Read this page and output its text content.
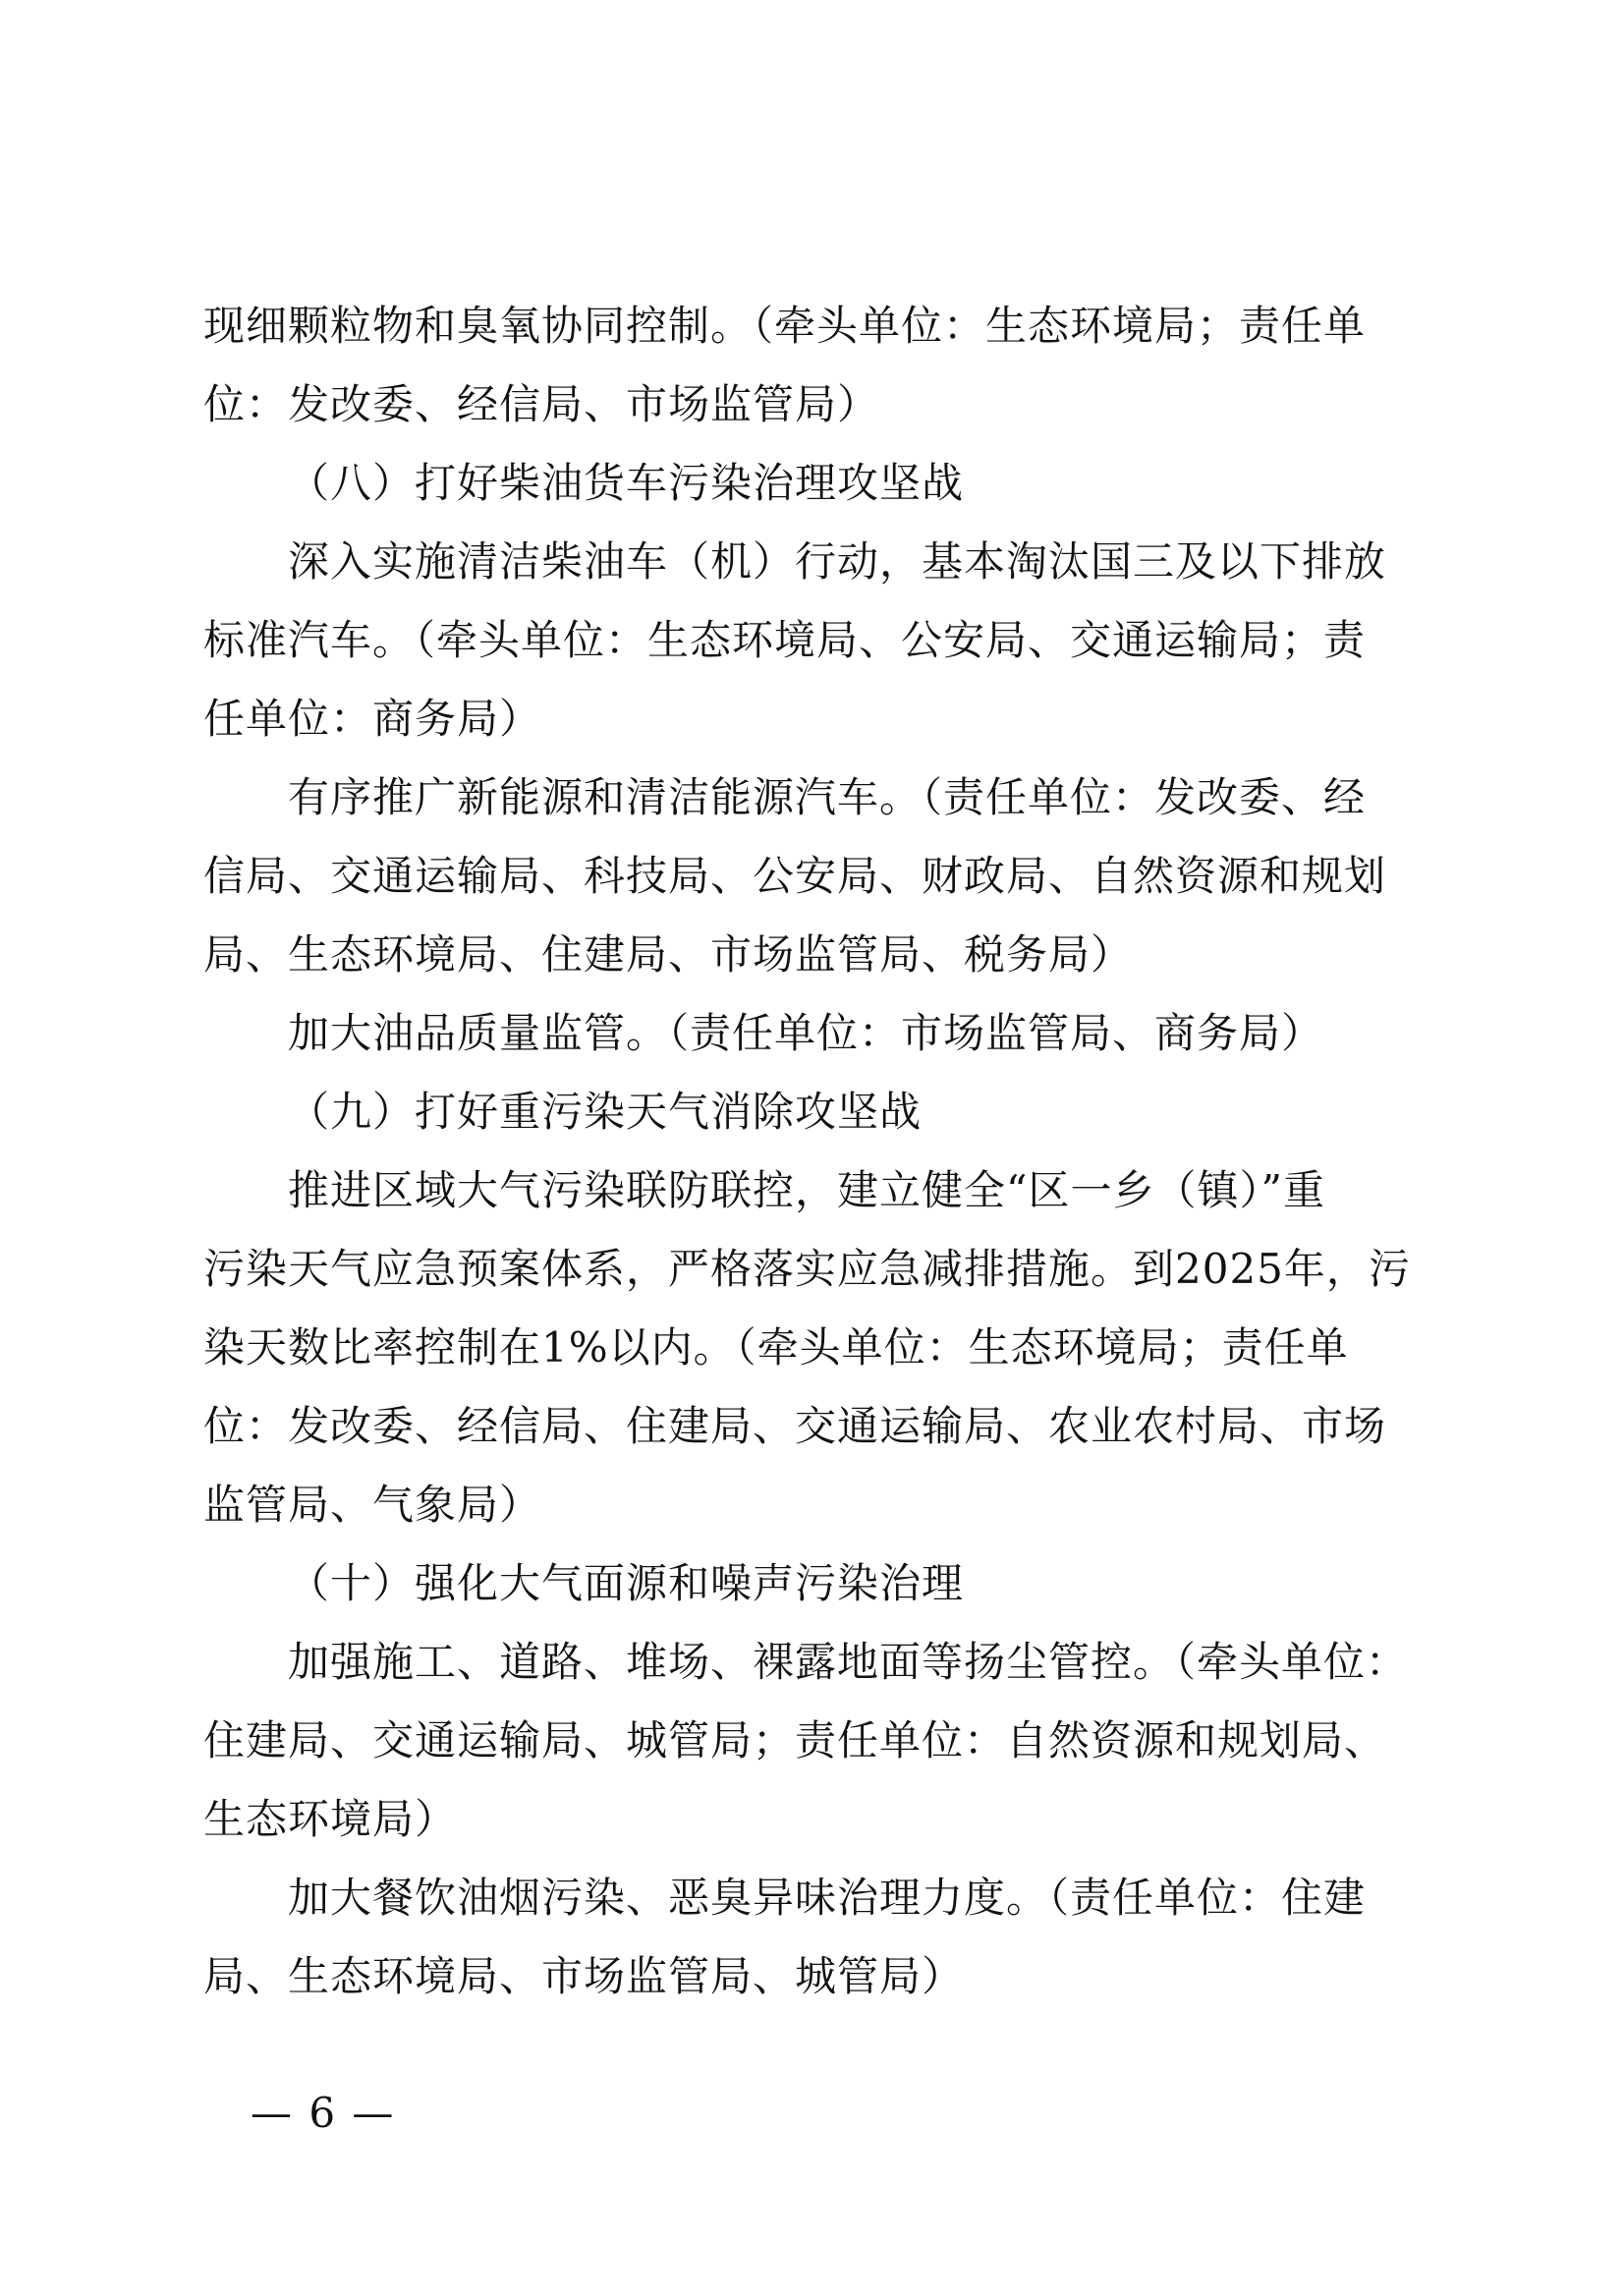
现细颗粒物和臭氧协同控制。（牵头单位：生态环境局；责任单
位：发改委、经信局、市场监管局）
（八）打好柴油货车污染治理攻坚战
深入实施清洁柴油车（机）行动，基本淘汰国三及以下排放
标准汽车。（牵头单位：生态环境局、公安局、交通运输局；责
任单位：商务局）
有序推广新能源和清洁能源汽车。（责任单位：发改委、经
信局、交通运输局、科技局、公安局、财政局、自然资源和规划
局、生态环境局、住建局、市场监管局、税务局）
加大油品质量监管。（责任单位：市场监管局、商务局）
（九）打好重污染天气消除攻坚战
推进区域大气污染联防联控，建立健全“区一乡（镇）”重
污染天气应急预案体系，严格落实应急减排措施。到2025年，污
染天数比率控制在1%以内。（牵头单位：生态环境局；责任单
位：发改委、经信局、住建局、交通运输局、农业农村局、市场
监管局、气象局）
（十）强化大气面源和噪声污染治理
加强施工、道路、堆场、裸露地面等扬尘管控。（牵头单位：
住建局、交通运输局、城管局；责任单位：自然资源和规划局、
生态环境局）
加大餐饮油烟污染、恶臭异味治理力度。（责任单位：住建
局、生态环境局、市场监管局、城管局）
— 6 —
